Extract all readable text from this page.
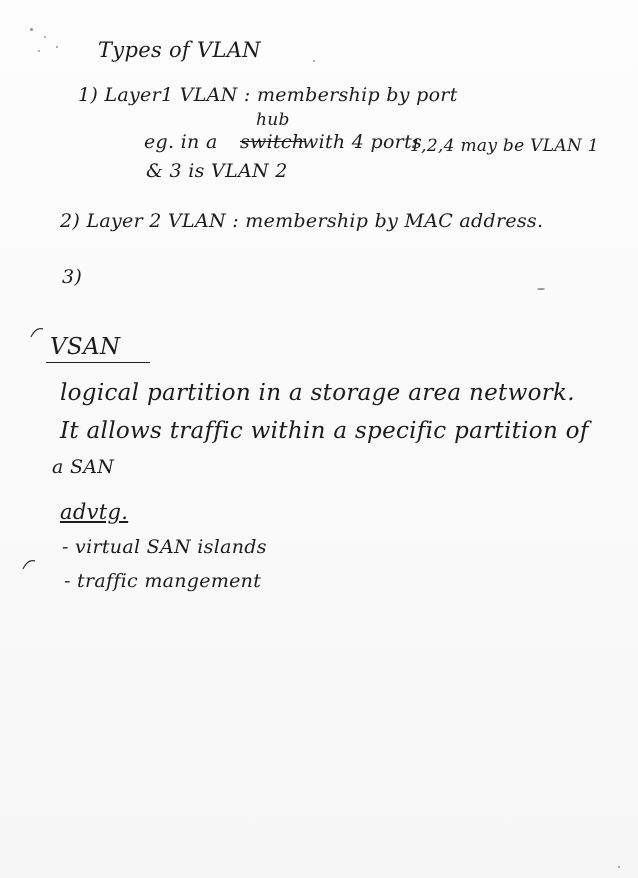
Types of VLAN
1) Layer1 VLAN : membership by port
hub
eg. in a switch
with 4 ports
1,2,4 may be VLAN 1
& 3 is VLAN 2
2) Layer 2 VLAN : membership by MAC address.
3)
VSAN
logical partition in a storage area network.
It allows traffic within a specific partition of
a SAN
advtg.
- virtual SAN islands
- traffic mangement
